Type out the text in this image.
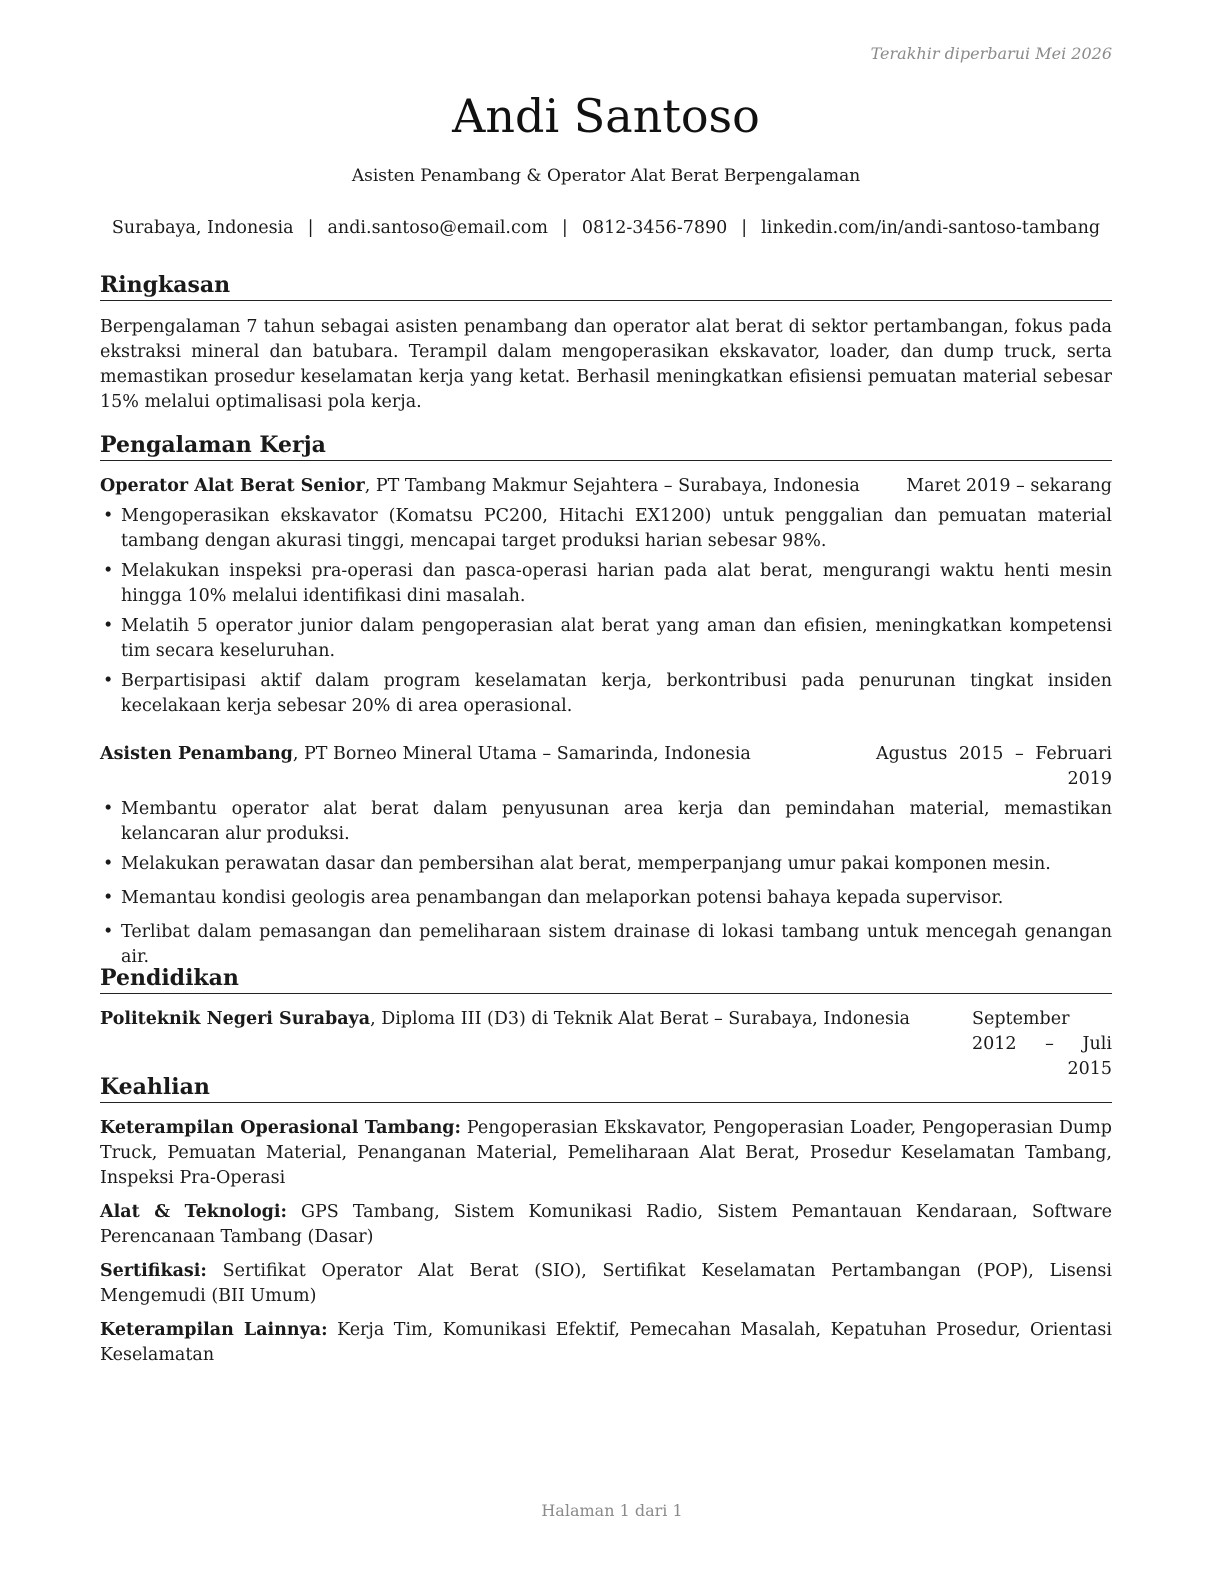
Terakhir diperbarui Mei 2026
Andi Santoso
Asisten Penambang & Operator Alat Berat Berpengalaman
Surabaya, Indonesia | andi.santoso@email.com | 0812-3456-7890 | linkedin.com/in/andi-santoso-tambang
Ringkasan
Berpengalaman 7 tahun sebagai asisten penambang dan operator alat berat di sektor pertambangan, fokus pada ekstraksi mineral dan batubara. Terampil dalam mengoperasikan ekskavator, loader, dan dump truck, serta memastikan prosedur keselamatan kerja yang ketat. Berhasil meningkatkan efisiensi pemuatan material sebesar 15% melalui optimalisasi pola kerja.
Pengalaman Kerja
Operator Alat Berat Senior, PT Tambang Makmur Sejahtera – Surabaya, Indonesia	Maret 2019 – sekarang
• Mengoperasikan ekskavator (Komatsu PC200, Hitachi EX1200) untuk penggalian dan pemuatan material tambang dengan akurasi tinggi, mencapai target produksi harian sebesar 98%.
• Melakukan inspeksi pra-operasi dan pasca-operasi harian pada alat berat, mengurangi waktu henti mesin hingga 10% melalui identifikasi dini masalah.
• Melatih 5 operator junior dalam pengoperasian alat berat yang aman dan efisien, meningkatkan kompetensi tim secara keseluruhan.
• Berpartisipasi aktif dalam program keselamatan kerja, berkontribusi pada penurunan tingkat insiden kecelakaan kerja sebesar 20% di area operasional.
Asisten Penambang, PT Borneo Mineral Utama – Samarinda, Indonesia	Agustus 2015 – Februari 2019
• Membantu operator alat berat dalam penyusunan area kerja dan pemindahan material, memastikan kelancaran alur produksi.
• Melakukan perawatan dasar dan pembersihan alat berat, memperpanjang umur pakai komponen mesin.
• Memantau kondisi geologis area penambangan dan melaporkan potensi bahaya kepada supervisor.
• Terlibat dalam pemasangan dan pemeliharaan sistem drainase di lokasi tambang untuk mencegah genangan air.
Pendidikan
Politeknik Negeri Surabaya, Diploma III (D3) di Teknik Alat Berat – Surabaya, Indonesia	September 2012 – Juli 2015
Keahlian
Keterampilan Operasional Tambang: Pengoperasian Ekskavator, Pengoperasian Loader, Pengoperasian Dump Truck, Pemuatan Material, Penanganan Material, Pemeliharaan Alat Berat, Prosedur Keselamatan Tambang, Inspeksi Pra-Operasi
Alat & Teknologi: GPS Tambang, Sistem Komunikasi Radio, Sistem Pemantauan Kendaraan, Software Perencanaan Tambang (Dasar)
Sertifikasi: Sertifikat Operator Alat Berat (SIO), Sertifikat Keselamatan Pertambangan (POP), Lisensi Mengemudi (BII Umum)
Keterampilan Lainnya: Kerja Tim, Komunikasi Efektif, Pemecahan Masalah, Kepatuhan Prosedur, Orientasi Keselamatan
Halaman 1 dari 1
